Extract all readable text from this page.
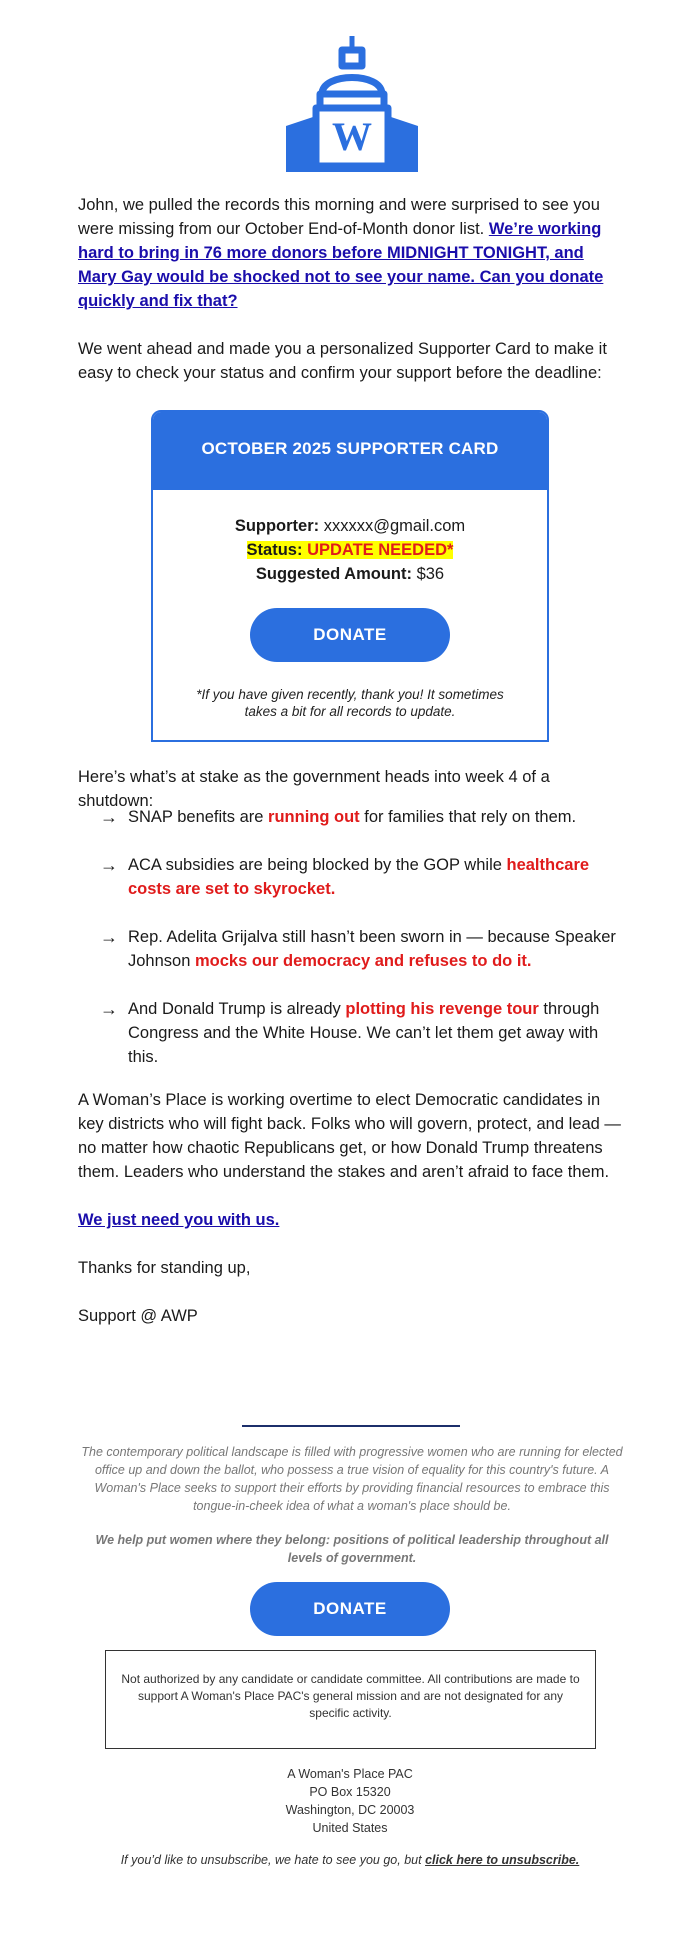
W

John, we pulled the records this morning and were surprised to see you were missing from our October End-of-Month donor list. We’re working hard to bring in 76 more donors before MIDNIGHT TONIGHT, and Mary Gay would be shocked not to see your name. Can you donate quickly and fix that?

We went ahead and made you a personalized Supporter Card to make it easy to check your status and confirm your support before the deadline:

OCTOBER 2025 SUPPORTER CARD
Supporter: xxxxxx@gmail.com
Status: UPDATE NEEDED*
Suggested Amount: $36
DONATE
*If you have given recently, thank you! It sometimes takes a bit for all records to update.

Here’s what’s at stake as the government heads into week 4 of a shutdown:

→ SNAP benefits are running out for families that rely on them.
→ ACA subsidies are being blocked by the GOP while healthcare costs are set to skyrocket.
→ Rep. Adelita Grijalva still hasn’t been sworn in — because Speaker Johnson mocks our democracy and refuses to do it.
→ And Donald Trump is already plotting his revenge tour through Congress and the White House. We can’t let them get away with this.

A Woman’s Place is working overtime to elect Democratic candidates in key districts who will fight back. Folks who will govern, protect, and lead — no matter how chaotic Republicans get, or how Donald Trump threatens them. Leaders who understand the stakes and aren’t afraid to face them.

We just need you with us.

Thanks for standing up,

Support @ AWP

The contemporary political landscape is filled with progressive women who are running for elected office up and down the ballot, who possess a true vision of equality for this country's future. A Woman's Place seeks to support their efforts by providing financial resources to embrace this tongue-in-cheek idea of what a woman's place should be.
We help put women where they belong: positions of political leadership throughout all levels of government.
DONATE
Not authorized by any candidate or candidate committee. All contributions are made to support A Woman's Place PAC's general mission and are not designated for any specific activity.
A Woman's Place PAC
PO Box 15320
Washington, DC 20003
United States
If you’d like to unsubscribe, we hate to see you go, but click here to unsubscribe.
